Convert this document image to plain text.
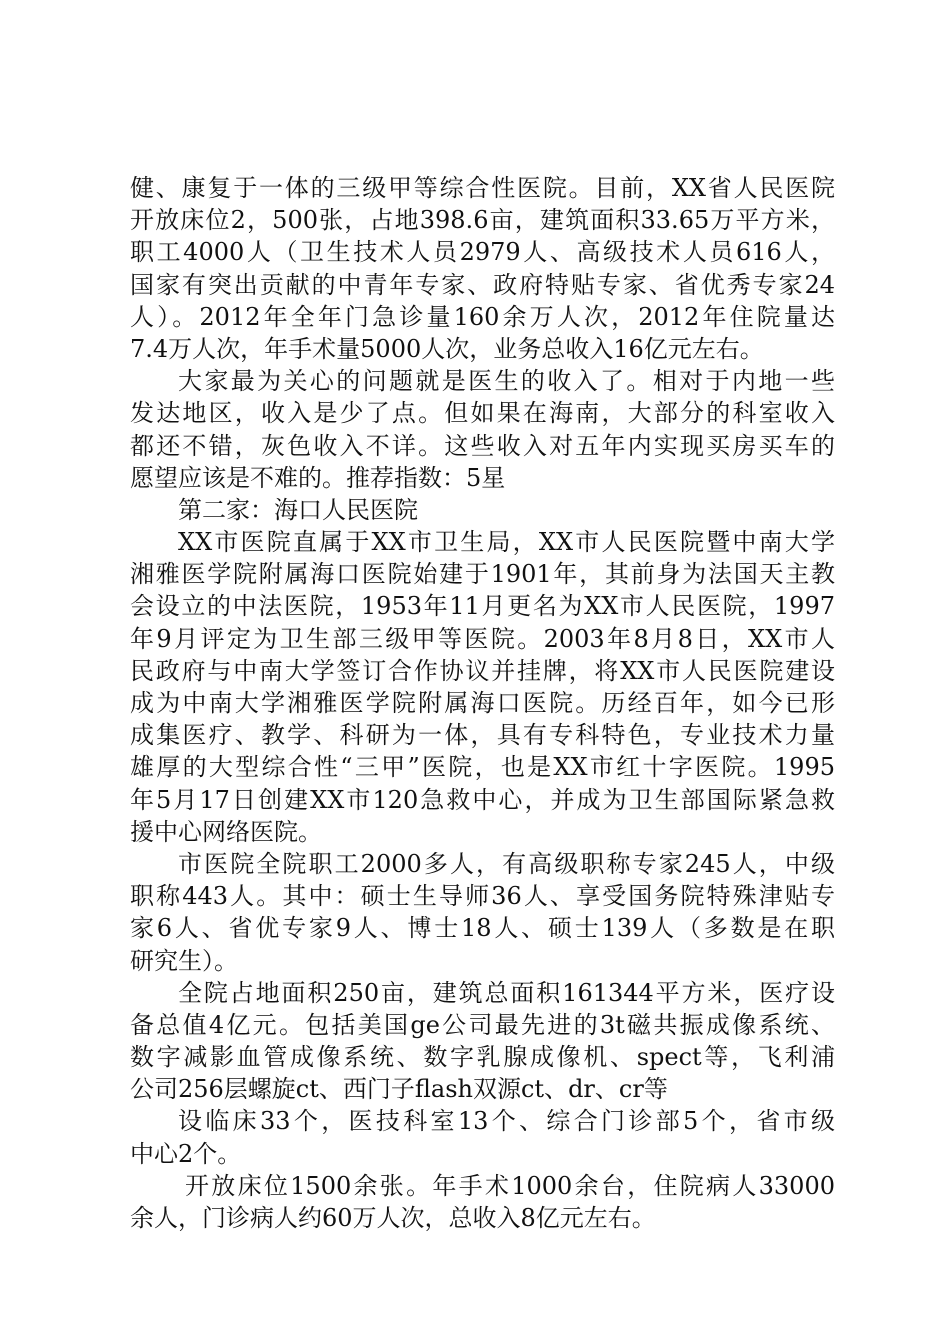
健、康复于一体的三级甲等综合性医院。目前，XX省人民医院
开放床位2，500张，占地398.6亩，建筑面积33.65万平方米，
职工4000人（卫生技术人员2979人、高级技术人员616人，
国家有突出贡献的中青年专家、政府特贴专家、省优秀专家24
人）。2012年全年门急诊量160余万人次，2012年住院量达
7.4万人次，年手术量5000人次，业务总收入16亿元左右。
大家最为关心的问题就是医生的收入了。相对于内地一些
发达地区，收入是少了点。但如果在海南，大部分的科室收入
都还不错，灰色收入不详。这些收入对五年内实现买房买车的
愿望应该是不难的。推荐指数：5星
第二家：海口人民医院
XX市医院直属于XX市卫生局，XX市人民医院暨中南大学
湘雅医学院附属海口医院始建于1901年，其前身为法国天主教
会设立的中法医院，1953年11月更名为XX市人民医院，1997
年9月评定为卫生部三级甲等医院。2003年8月8日，XX市人
民政府与中南大学签订合作协议并挂牌，将XX市人民医院建设
成为中南大学湘雅医学院附属海口医院。历经百年，如今已形
成集医疗、教学、科研为一体，具有专科特色，专业技术力量
雄厚的大型综合性“三甲”医院，也是XX市红十字医院。1995
年5月17日创建XX市120急救中心，并成为卫生部国际紧急救
援中心网络医院。
市医院全院职工2000多人，有高级职称专家245人，中级
职称443人。其中：硕士生导师36人、享受国务院特殊津贴专
家6人、省优专家9人、博士18人、硕士139人（多数是在职
研究生）。
全院占地面积250亩，建筑总面积161344平方米，医疗设
备总值4亿元。包括美国ge公司最先进的3t磁共振成像系统、
数字减影血管成像系统、数字乳腺成像机、spect等，飞利浦
公司256层螺旋ct、西门子flash双源ct、dr、cr等
设临床33个，医技科室13个、综合门诊部5个，省市级
中心2个。
开放床位1500余张。年手术1000余台，住院病人33000
余人，门诊病人约60万人次，总收入8亿元左右。
